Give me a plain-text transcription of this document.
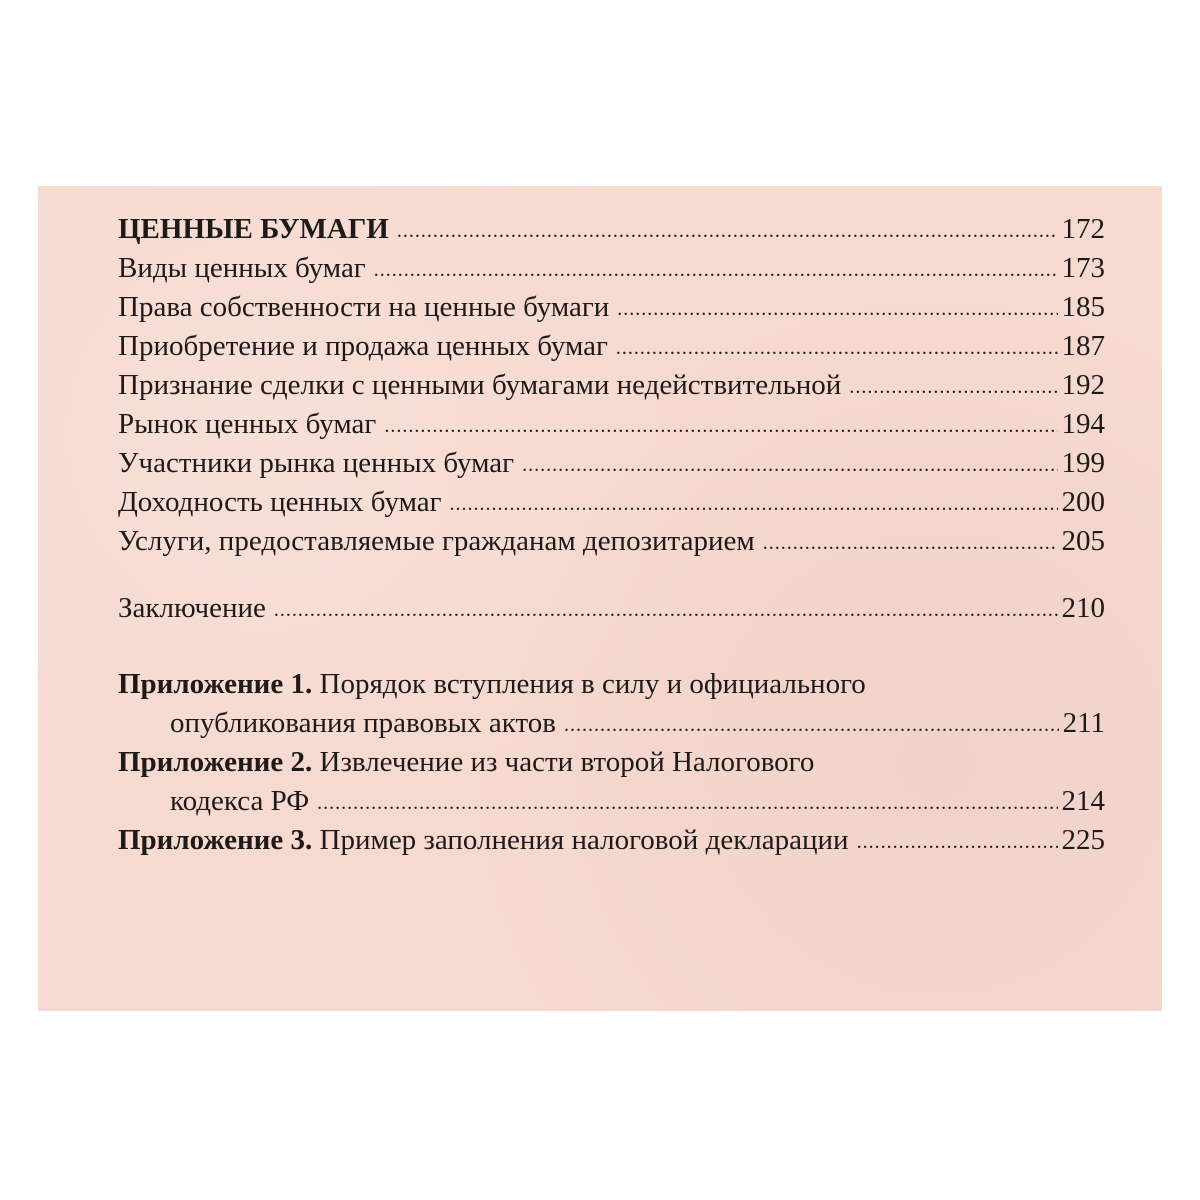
ЦЕННЫЕ БУМАГИ . . .	172
Виды ценных бумаг . . .	173
Права собственности на ценные бумаги . . .	185
Приобретение и продажа ценных бумаг . . .	187
Признание сделки с ценными бумагами недействительной . . .	192
Рынок ценных бумаг . . .	194
Участники рынка ценных бумаг . . .	199
Доходность ценных бумаг . . .	200
Услуги, предоставляемые гражданам депозитарием . . .	205
Заключение . . .	210
Приложение 1. Порядок вступления в силу и официального
опубликования правовых актов . . .	211
Приложение 2. Извлечение из части второй Налогового
кодекса РФ . . .	214
Приложение 3. Пример заполнения налоговой декларации . . .	225
